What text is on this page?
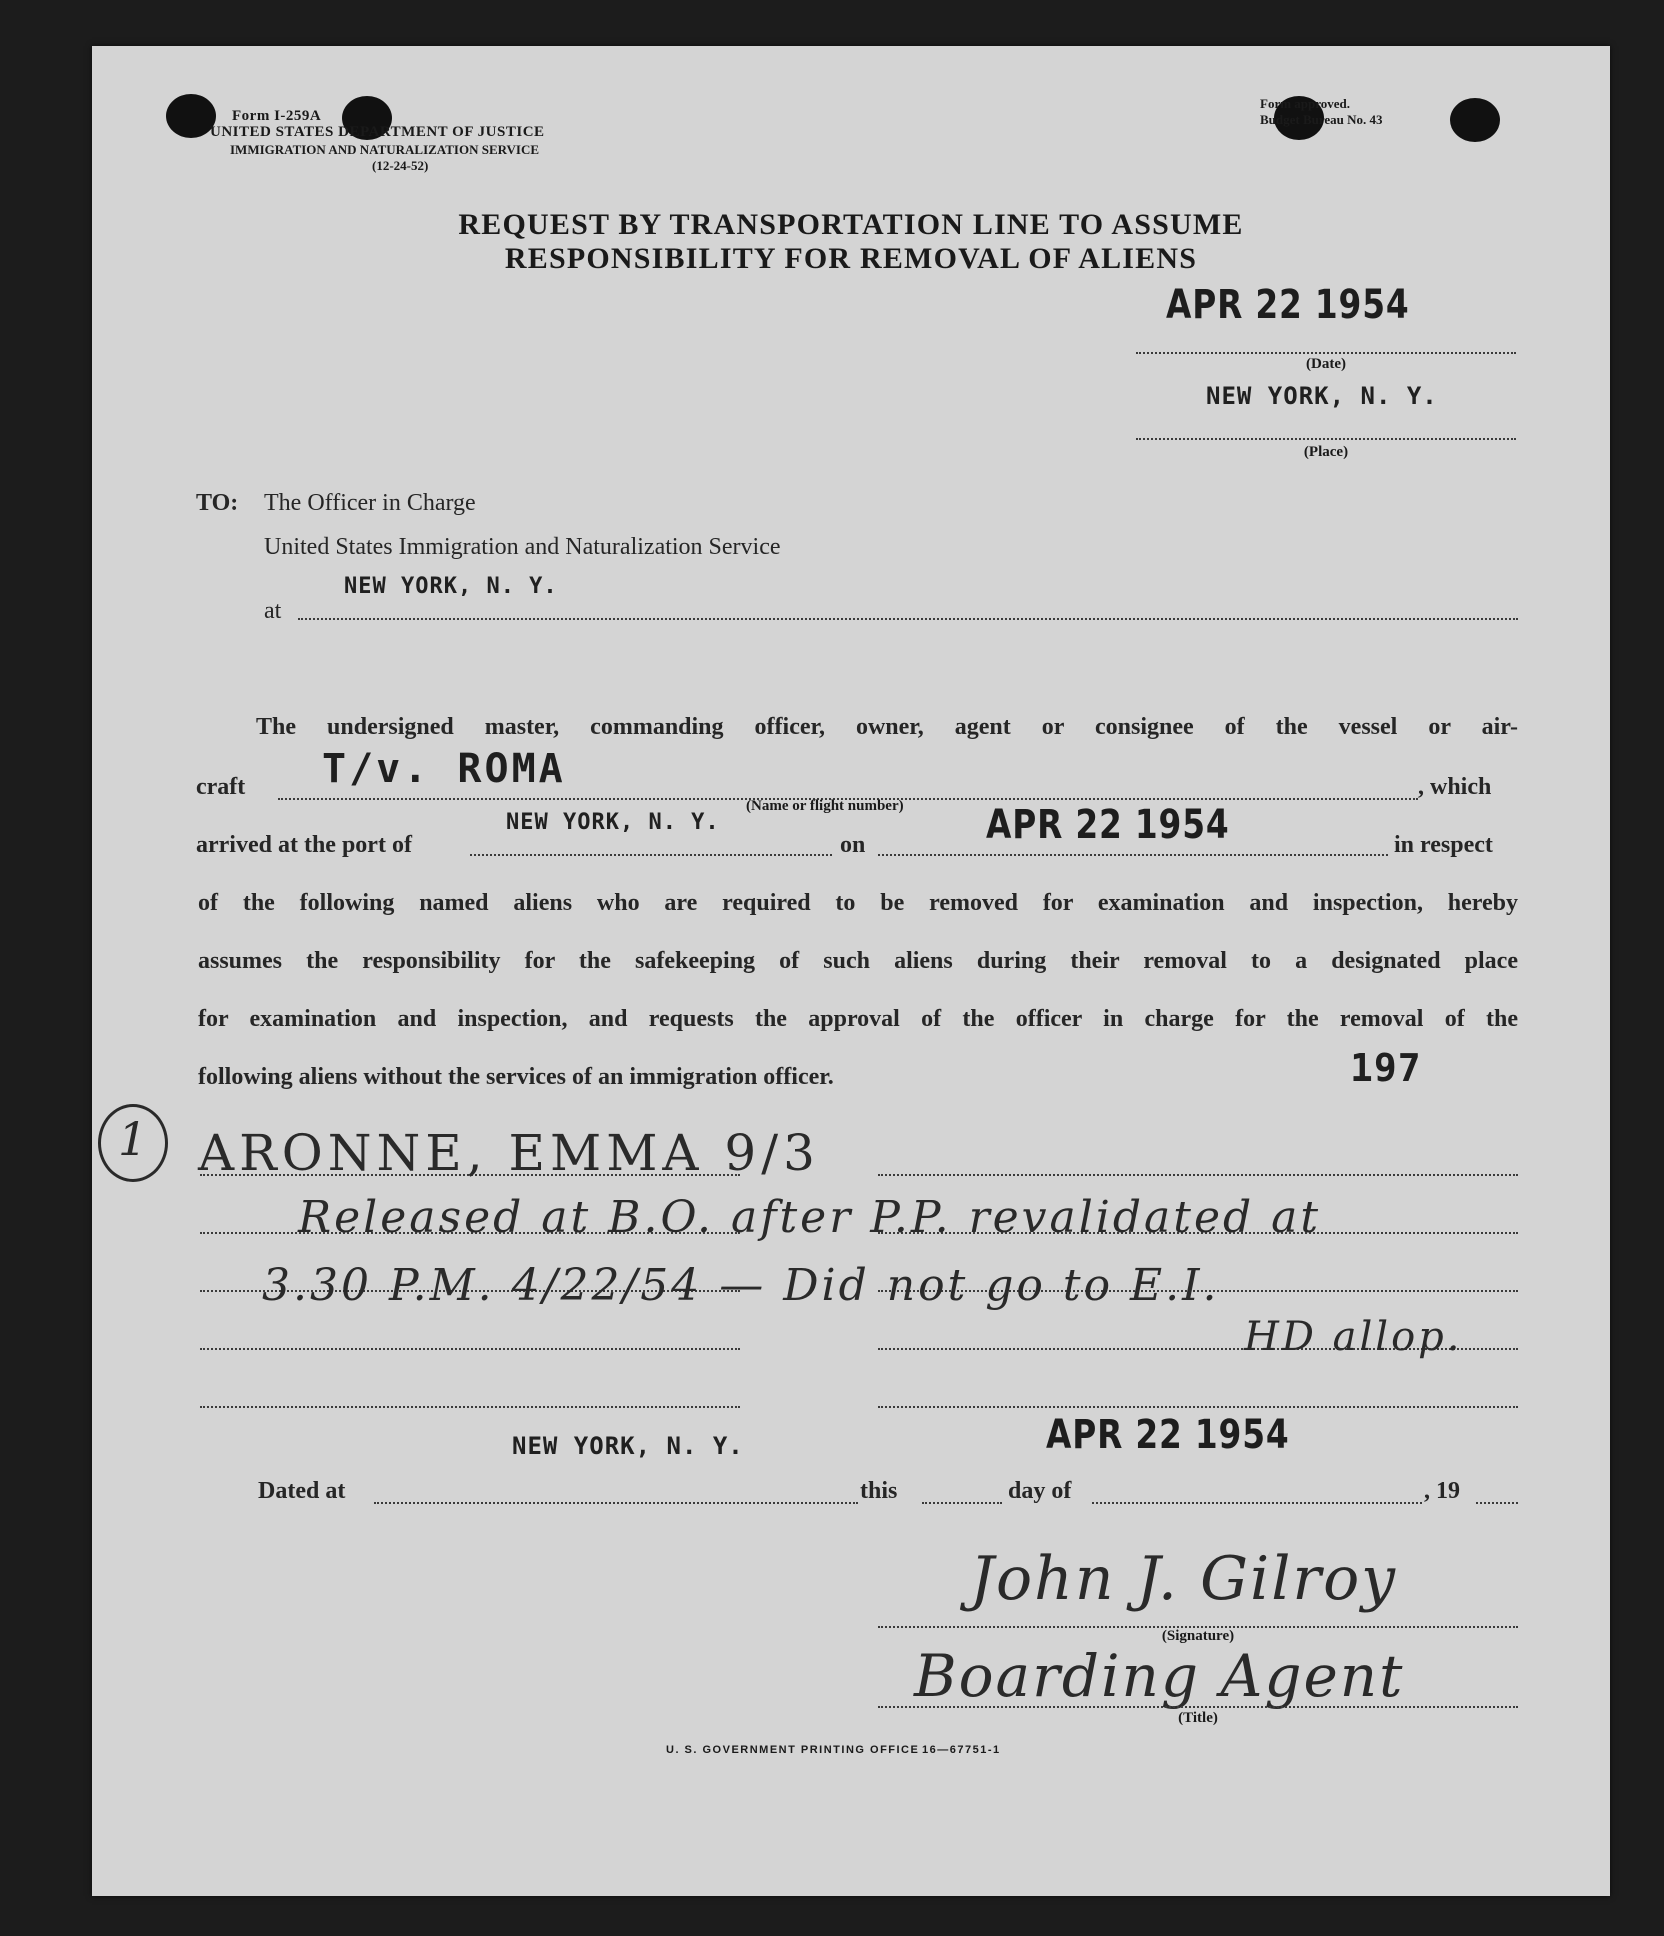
Form I-259A
UNITED STATES DEPARTMENT OF JUSTICE
IMMIGRATION AND NATURALIZATION SERVICE
(12-24-52)
Form approved.
Budget Bureau No. 43
REQUEST BY TRANSPORTATION LINE TO ASSUME
RESPONSIBILITY FOR REMOVAL OF ALIENS
APR 22 1954
(Date)
NEW YORK, N. Y.
(Place)
TO: The Officer in Charge
United States Immigration and Naturalization Service
at
NEW YORK, N. Y.
The undersigned master, commanding officer, owner, agent or consignee of the vessel or air-
craft T/v. ROMA	, which
arrived at the port of
NEW YORK, N. Y.
(Name or flight number)
on	APR 22 1954	in respect
of the following named aliens who are required to be removed for examination and inspection, hereby
assumes the responsibility for the safekeeping of such aliens during their removal to a designated place
for examination and inspection, and requests the approval of the officer in charge for the removal of the
following aliens without the services of an immigration officer.	197
1 ARONNE, EMMA 9/3
Released at B.O. after P.P. revalidated at
3.30 P.M. 4/22/54 — Did not go to E.I.
HD allop.
NEW YORK, N. Y.	APR 22 1954
Dated at	this	day of	, 19
John J. Gilroy
(Signature)
Boarding Agent
(Title)
U. S. GOVERNMENT PRINTING OFFICE 16—67751-1
